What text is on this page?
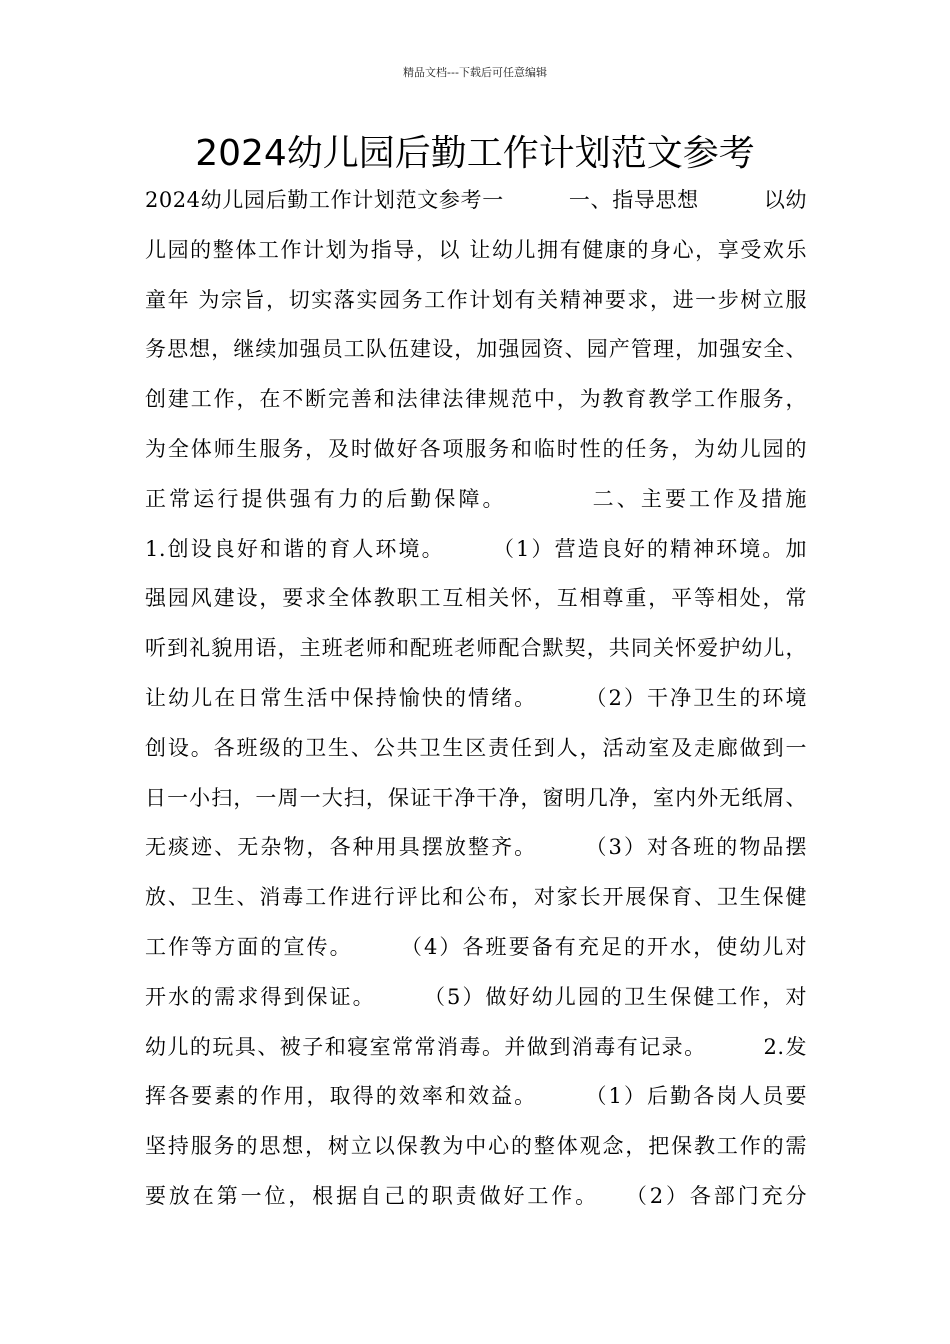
精品文档---下载后可任意编辑
2024幼儿园后勤工作计划范文参考
2024幼儿园后勤工作计划范文参考一　　　一、指导思想　　　以幼
儿园的整体工作计划为指导，以 让幼儿拥有健康的身心，享受欢乐
童年 为宗旨，切实落实园务工作计划有关精神要求，进一步树立服
务思想，继续加强员工队伍建设，加强园资、园产管理，加强安全、
创建工作，在不断完善和法律法律规范中，为教育教学工作服务，
为全体师生服务，及时做好各项服务和临时性的任务，为幼儿园的
正常运行提供强有力的后勤保障。　　　　二、主要工作及措施
1.创设良好和谐的育人环境。　　　（1）营造良好的精神环境。加
强园风建设，要求全体教职工互相关怀，互相尊重，平等相处，常
听到礼貌用语，主班老师和配班老师配合默契，共同关怀爱护幼儿，
让幼儿在日常生活中保持愉快的情绪。　　　（2）干净卫生的环境
创设。各班级的卫生、公共卫生区责任到人，活动室及走廊做到一
日一小扫，一周一大扫，保证干净干净，窗明几净，室内外无纸屑、
无痰迹、无杂物，各种用具摆放整齐。　　　（3）对各班的物品摆
放、卫生、消毒工作进行评比和公布，对家长开展保育、卫生保健
工作等方面的宣传。　　　（4）各班要备有充足的开水，使幼儿对
开水的需求得到保证。　　　（5）做好幼儿园的卫生保健工作，对
幼儿的玩具、被子和寝室常常消毒。并做到消毒有记录。　　　2.发
挥各要素的作用，取得的效率和效益。　　　（1）后勤各岗人员要
坚持服务的思想，树立以保教为中心的整体观念，把保教工作的需
要放在第一位，根据自己的职责做好工作。　　（2）各部门充分
